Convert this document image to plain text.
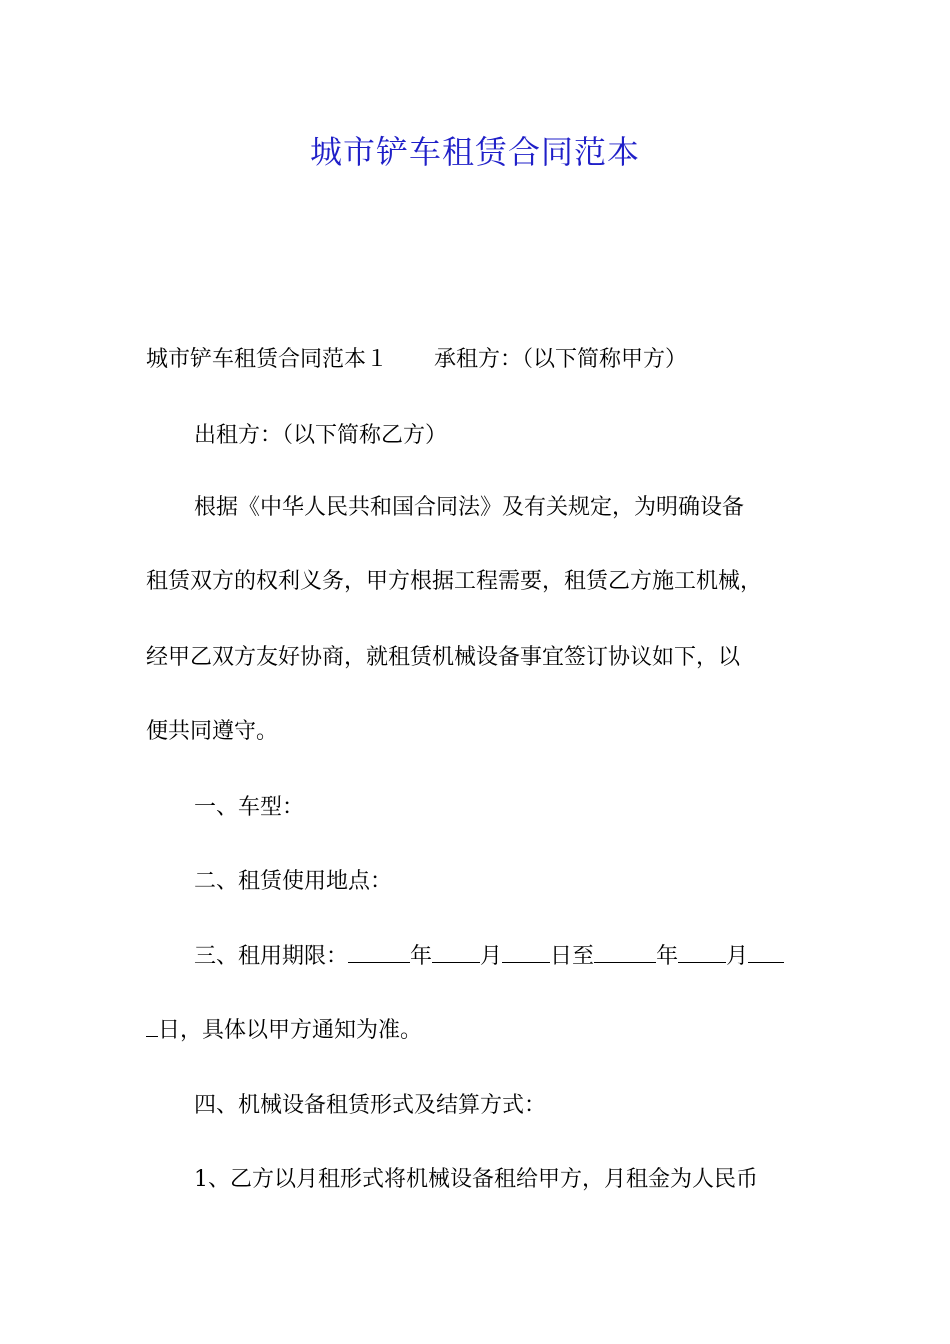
城市铲车租赁合同范本
城市铲车租赁合同范本１ 承租方：（以下简称甲方）
出租方：（以下简称乙方）
根据《中华人民共和国合同法》及有关规定，为明确设备
租赁双方的权利义务，甲方根据工程需要，租赁乙方施工机械，
经甲乙双方友好协商，就租赁机械设备事宜签订协议如下，以
便共同遵守。
一、车型：
二、租赁使用地点：
三、租用期限：	年 月 日至	年 月
日，具体以甲方通知为准。
四、机械设备租赁形式及结算方式：
1、乙方以月租形式将机械设备租给甲方，月租金为人民币
